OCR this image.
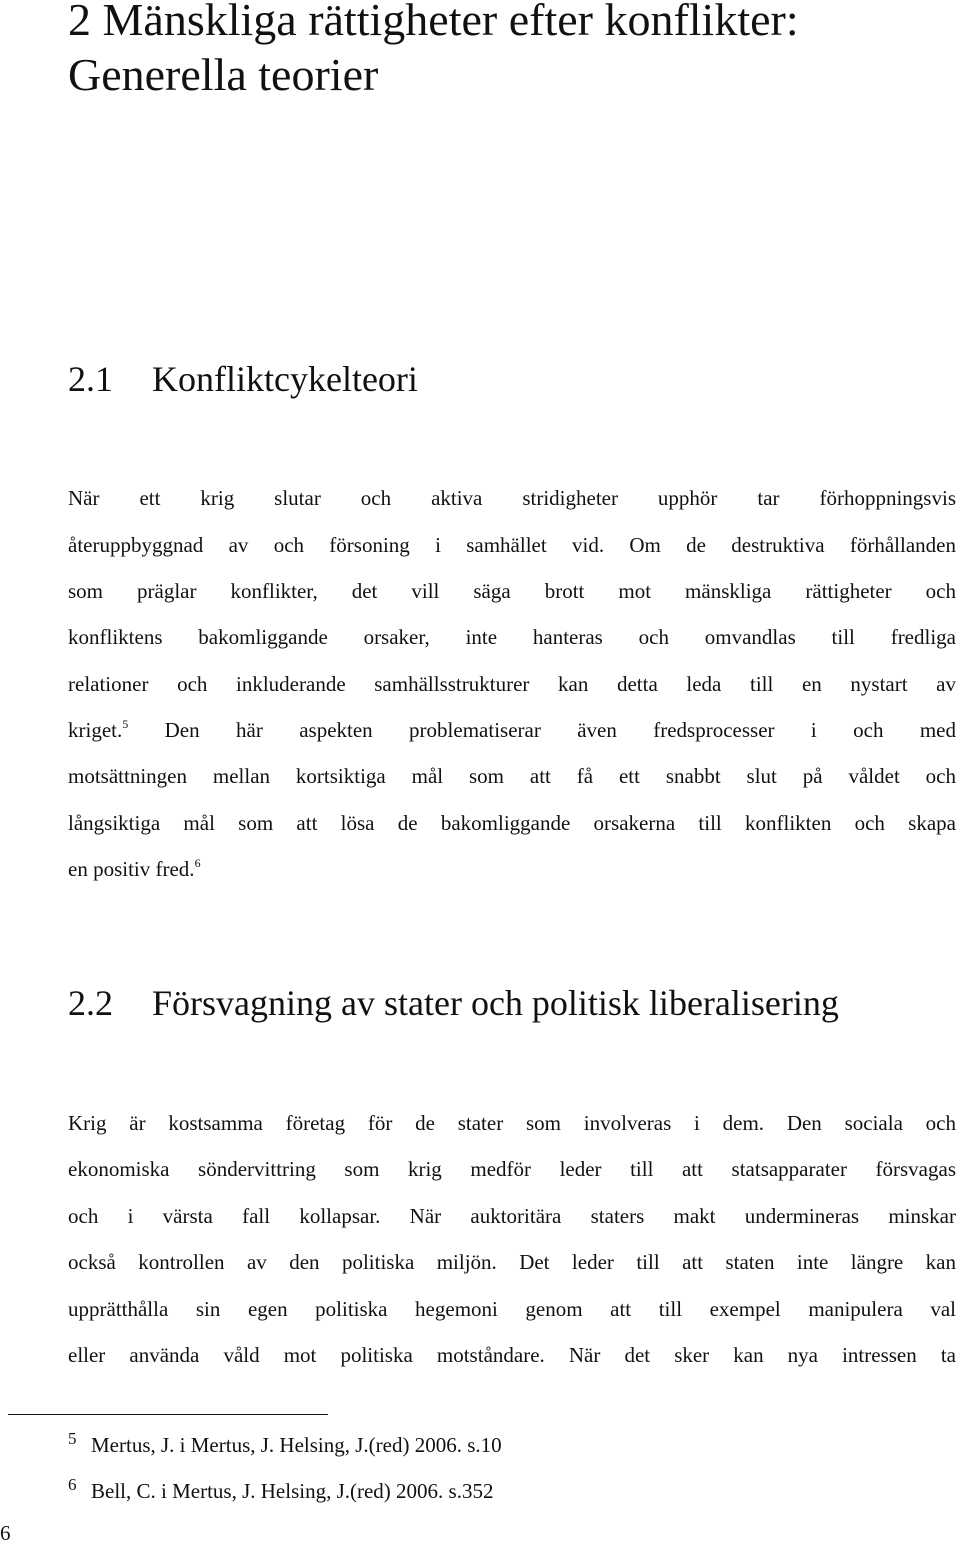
2 Mänskliga rättigheter efter konflikter: Generella teorier
2.1 Konfliktcykelteori
När ett krig slutar och aktiva stridigheter upphör tar förhoppningsvis
återuppbyggnad av och försoning i samhället vid. Om de destruktiva förhållanden
som präglar konflikter, det vill säga brott mot mänskliga rättigheter och
konfliktens bakomliggande orsaker, inte hanteras och omvandlas till fredliga
relationer och inkluderande samhällsstrukturer kan detta leda till en nystart av
kriget.$^5$ Den här aspekten problematiserar även fredsprocesser i och med
motsättningen mellan kortsiktiga mål som att få ett snabbt slut på våldet och
långsiktiga mål som att lösa de bakomliggande orsakerna till konflikten och skapa
en positiv fred.$^6$
2.2 Försvagning av stater och politisk liberalisering
Krig är kostsamma företag för de stater som involveras i dem. Den sociala och
ekonomiska söndervittring som krig medför leder till att statsapparater försvagas
och i värsta fall kollapsar. När auktoritära staters makt undermineras minskar
också kontrollen av den politiska miljön. Det leder till att staten inte längre kan
upprätthålla sin egen politiska hegemoni genom att till exempel manipulera val
eller använda våld mot politiska motståndare. När det sker kan nya intressen ta
5 Mertus, J. i Mertus, J. Helsing, J.(red) 2006. s.10
6 Bell, C. i Mertus, J. Helsing, J.(red) 2006. s.352
6
